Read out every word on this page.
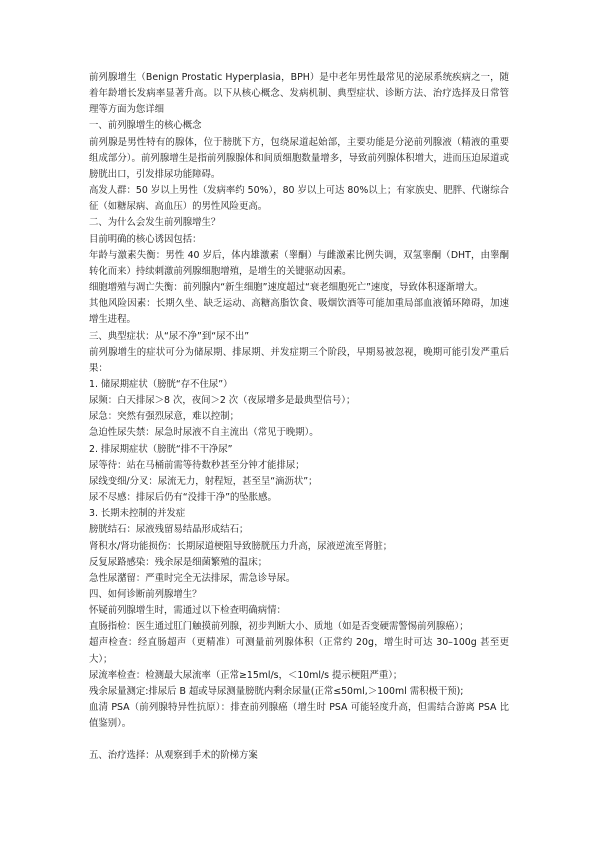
前列腺增生（Benign Prostatic Hyperplasia，BPH）是中老年男性最常见的泌尿系统疾病之一，随着年龄增长发病率显著升高。以下从核心概念、发病机制、典型症状、诊断方法、治疗选择及日常管理等方面为您详细

一、前列腺增生的核心概念

前列腺是男性特有的腺体，位于膀胱下方，包绕尿道起始部，主要功能是分泌前列腺液（精液的重要组成部分）。前列腺增生是指前列腺腺体和间质细胞数量增多，导致前列腺体积增大，进而压迫尿道或膀胱出口，引发排尿功能障碍。

高发人群：50 岁以上男性（发病率约 50%），80 岁以上可达 80%以上；有家族史、肥胖、代谢综合征（如糖尿病、高血压）的男性风险更高。

二、为什么会发生前列腺增生？

目前明确的核心诱因包括：

年龄与激素失衡：男性 40 岁后，体内雄激素（睾酮）与雌激素比例失调，双氢睾酮（DHT，由睾酮转化而来）持续刺激前列腺细胞增殖，是增生的关键驱动因素。

细胞增殖与凋亡失衡：前列腺内“新生细胞”速度超过“衰老细胞死亡”速度，导致体积逐渐增大。

其他风险因素：长期久坐、缺乏运动、高糖高脂饮食、吸烟饮酒等可能加重局部血液循环障碍，加速增生进程。

三、典型症状：从“尿不净”到“尿不出”

前列腺增生的症状可分为储尿期、排尿期、并发症期三个阶段，早期易被忽视，晚期可能引发严重后果：

1. 储尿期症状（膀胱“存不住尿”）

尿频：白天排尿＞8 次，夜间＞2 次（夜尿增多是最典型信号）；

尿急：突然有强烈尿意，难以控制；

急迫性尿失禁：尿急时尿液不自主流出（常见于晚期）。

2. 排尿期症状（膀胱“排不干净尿”

尿等待：站在马桶前需等待数秒甚至分钟才能排尿；

尿线变细/分叉：尿流无力，射程短，甚至呈“滴沥状”；

尿不尽感：排尿后仍有“没排干净”的坠胀感。

3. 长期未控制的并发症

膀胱结石：尿液残留易结晶形成结石；

肾积水/肾功能损伤：长期尿道梗阻导致膀胱压力升高，尿液逆流至肾脏；

反复尿路感染：残余尿是细菌繁殖的温床；

急性尿潴留：严重时完全无法排尿，需急诊导尿。

四、如何诊断前列腺增生？

怀疑前列腺增生时，需通过以下检查明确病情：

直肠指检：医生通过肛门触摸前列腺，初步判断大小、质地（如是否变硬需警惕前列腺癌）；

超声检查：经直肠超声（更精准）可测量前列腺体积（正常约 20g，增生时可达 30–100g 甚至更大）；

尿流率检查：检测最大尿流率（正常≥15ml/s，＜10ml/s 提示梗阻严重）；

残余尿量测定:排尿后 B 超或导尿测量膀胱内剩余尿量(正常≤50ml,＞100ml 需积极干预);

血清 PSA（前列腺特异性抗原）：排查前列腺癌（增生时 PSA 可能轻度升高，但需结合游离 PSA 比值鉴别）。

五、治疗选择：从观察到手术的阶梯方案
